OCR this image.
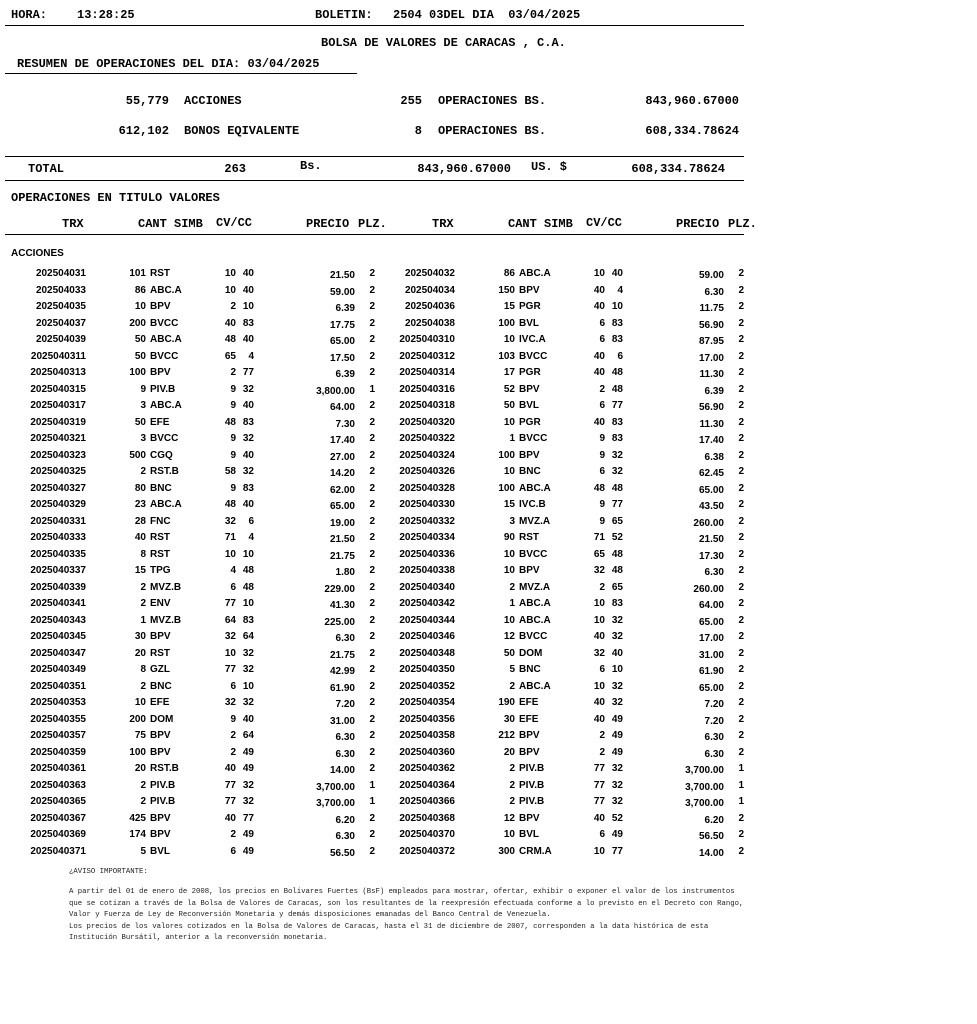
HORA: 13:28:25	BOLETIN: 2504 03DEL DIA  03/04/2025
BOLSA DE VALORES DE CARACAS , C.A.
RESUMEN DE OPERACIONES DEL DIA: 03/04/2025
55,779 ACCIONES	255 OPERACIONES BS.	843,960.67000
612,102 BONOS EQIVALENTE	8 OPERACIONES BS.	608,334.78624
TOTAL	263	Bs.	843,960.67000 US. $	608,334.78624
OPERACIONES EN TITULO VALORES
TRX	CANT SIMB CV/CC	PRECIO PLZ.	TRX	CANT SIMB CV/CC	PRECIO PLZ.
ACCIONES
202504031	101 RST	10 40	21.50	2	202504032	86 ABC.A	10 40	59.00	2
202504033	86 ABC.A	10 40	59.00	2	202504034	150 BPV	40	4	6.30	2
202504035	10 BPV	2 10	6.39	2	202504036	15 PGR	40 10	11.75	2
202504037	200 BVCC	40 83	17.75	2	202504038	100 BVL	6 83	56.90	2
202504039	50 ABC.A	48 40	65.00	2	2025040310	10 IVC.A	6 83	87.95	2
2025040311	50 BVCC	65	4	17.50	2	2025040312	103 BVCC	40	6	17.00	2
2025040313	100 BPV	2 77	6.39	2	2025040314	17 PGR	40 48	11.30	2
2025040315	9 PIV.B	9 32	3,800.00	1	2025040316	52 BPV	2 48	6.39	2
2025040317	3 ABC.A	9 40	64.00	2	2025040318	50 BVL	6 77	56.90	2
2025040319	50 EFE	48 83	7.30	2	2025040320	10 PGR	40 83	11.30	2
2025040321	3 BVCC	9 32	17.40	2	2025040322	1 BVCC	9 83	17.40	2
2025040323	500 CGQ	9 40	27.00	2	2025040324	100 BPV	9 32	6.38	2
2025040325	2 RST.B	58 32	14.20	2	2025040326	10 BNC	6 32	62.45	2
2025040327	80 BNC	9 83	62.00	2	2025040328	100 ABC.A	48 48	65.00	2
2025040329	23 ABC.A	48 40	65.00	2	2025040330	15 IVC.B	9 77	43.50	2
2025040331	28 FNC	32	6	19.00	2	2025040332	3 MVZ.A	9 65	260.00	2
2025040333	40 RST	71	4	21.50	2	2025040334	90 RST	71 52	21.50	2
2025040335	8 RST	10 10	21.75	2	2025040336	10 BVCC	65 48	17.30	2
2025040337	15 TPG	4 48	1.80	2	2025040338	10 BPV	32 48	6.30	2
2025040339	2 MVZ.B	6 48	229.00	2	2025040340	2 MVZ.A	2 65	260.00	2
2025040341	2 ENV	77 10	41.30	2	2025040342	1 ABC.A	10 83	64.00	2
2025040343	1 MVZ.B	64 83	225.00	2	2025040344	10 ABC.A	10 32	65.00	2
2025040345	30 BPV	32 64	6.30	2	2025040346	12 BVCC	40 32	17.00	2
2025040347	20 RST	10 32	21.75	2	2025040348	50 DOM	32 40	31.00	2
2025040349	8 GZL	77 32	42.99	2	2025040350	5 BNC	6 10	61.90	2
2025040351	2 BNC	6 10	61.90	2	2025040352	2 ABC.A	10 32	65.00	2
2025040353	10 EFE	32 32	7.20	2	2025040354	190 EFE	40 32	7.20	2
2025040355	200 DOM	9 40	31.00	2	2025040356	30 EFE	40 49	7.20	2
2025040357	75 BPV	2 64	6.30	2	2025040358	212 BPV	2 49	6.30	2
2025040359	100 BPV	2 49	6.30	2	2025040360	20 BPV	2 49	6.30	2
2025040361	20 RST.B	40 49	14.00	2	2025040362	2 PIV.B	77 32	3,700.00	1
2025040363	2 PIV.B	77 32	3,700.00	1	2025040364	2 PIV.B	77 32	3,700.00	1
2025040365	2 PIV.B	77 32	3,700.00	1	2025040366	2 PIV.B	77 32	3,700.00	1
2025040367	425 BPV	40 77	6.20	2	2025040368	12 BPV	40 52	6.20	2
2025040369	174 BPV	2 49	6.30	2	2025040370	10 BVL	6 49	56.50	2
2025040371	5 BVL	6 49	56.50	2	2025040372	300 CRM.A	10 77	14.00	2

¿AVISO IMPORTANTE:

A partir del 01 de enero de 2008, los precios en Bolívares Fuertes (BsF) empleados para mostrar, ofertar, exhibir o exponer el valor de los instrumentos que se cotizan a través de la Bolsa de Valores de Caracas, son los resultantes de la reexpresión efectuada conforme a lo previsto en el Decreto con Rango, Valor y Fuerza de Ley de Reconversión Monetaria y demás disposiciones emanadas del Banco Central de Venezuela.

Los precios de los valores cotizados en la Bolsa de Valores de Caracas, hasta el 31 de diciembre de 2007, corresponden a la data histórica de esta Institución Bursátil, anterior a la reconversión monetaria.
